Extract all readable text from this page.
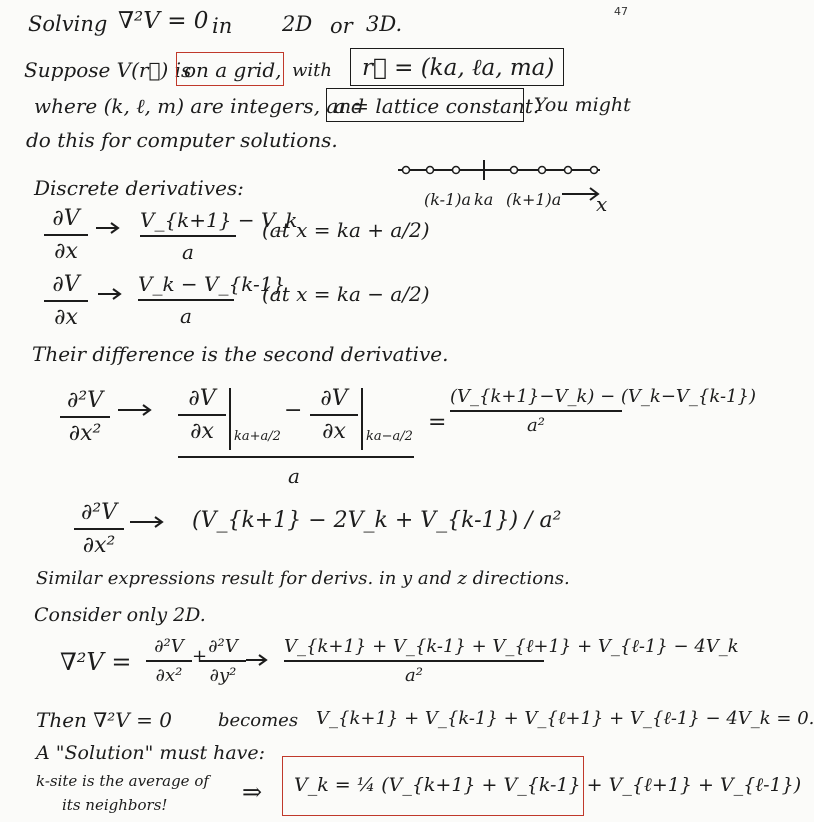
47
Solving ∇²V = 0 in 2D or 3D.
Suppose V(r⃗) is
on a grid, with r⃗ = (ka, ℓa, ma)
where (k, ℓ, m) are integers, and
a = lattice constant.
You might
do this for computer solutions.
Discrete derivatives:	(k-1)a ka (k+1)a x
∂V
∂x
V_{k+1} − V_k
a
(at x = ka + a/2)
∂V
∂x
V_k − V_{k-1}
a
(at x = ka − a/2)
Their difference is the second derivative.
∂²V
∂x²
∂V
∂x	ka+a/2
− ∂V
∂x	ka−a/2
a
=
(V_{k+1}−V_k) − (V_k−V_{k-1})
a²
∂²V
∂x²
(V_{k+1} − 2V_k + V_{k-1}) / a²
Similar expressions result for derivs. in y and z directions.
Consider only 2D.
∇²V =
∂²V
∂x²
+ ∂²V
∂y²
V_{k+1} + V_{k-1} + V_{ℓ+1} + V_{ℓ-1} − 4V_k
a²
Then ∇²V = 0	becomes V_{k+1} + V_{k-1} + V_{ℓ+1} + V_{ℓ-1} − 4V_k = 0.
A "Solution" must have:
k-site is the average of
its neighbors!	⇒ V_k = ¼ (V_{k+1} + V_{k-1} + V_{ℓ+1} + V_{ℓ-1})
